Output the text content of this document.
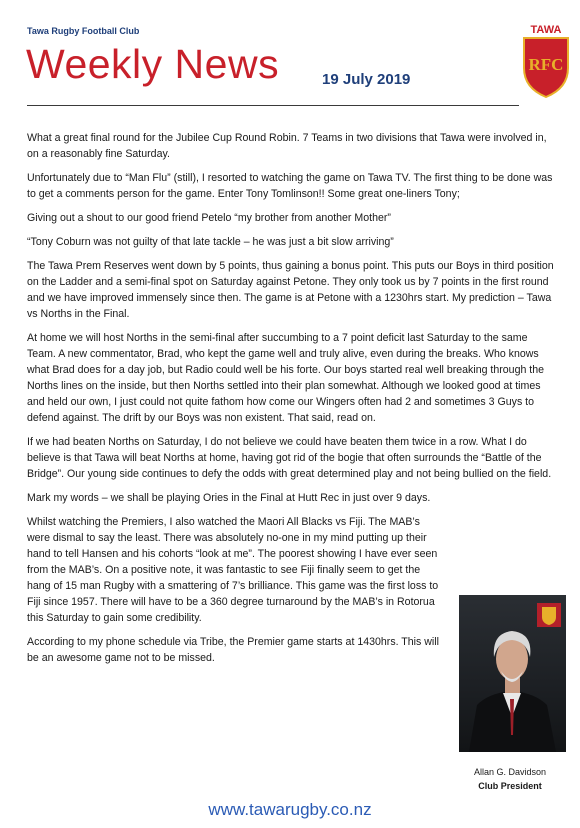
Tawa Rugby Football Club
Weekly News	19 July 2019
TAWA
RFC

What a great final round for the Jubilee Cup Round Robin. 7 Teams in two divisions that Tawa were involved in, on a reasonably fine Saturday.

Unfortunately due to “Man Flu” (still), I resorted to watching the game on Tawa TV. The first thing to be done was to get a comments person for the game. Enter Tony Tomlinson!! Some great one-liners Tony;

Giving out a shout to our good friend Petelo “my brother from another Mother”

“Tony Coburn was not guilty of that late tackle – he was just a bit slow arriving”

The Tawa Prem Reserves went down by 5 points, thus gaining a bonus point. This puts our Boys in third position on the Ladder and a semi-final spot on Saturday against Petone. They only took us by 7 points in the first round and we have improved immensely since then. The game is at Petone with a 1230hrs start. My prediction – Tawa vs Norths in the Final.

At home we will host Norths in the semi-final after succumbing to a 7 point deficit last Saturday to the same Team. A new commentator, Brad, who kept the game well and truly alive, even during the breaks. Who knows what Brad does for a day job, but Radio could well be his forte. Our boys started real well breaking through the Norths lines on the inside, but then Norths settled into their plan somewhat. Although we looked good at times and held our own, I just could not quite fathom how come our Wingers often had 2 and sometimes 3 Guys to defend against. The drift by our Boys was non existent. That said, read on.

If we had beaten Norths on Saturday, I do not believe we could have beaten them twice in a row. What I do believe is that Tawa will beat Norths at home, having got rid of the bogie that often surrounds the “Battle of the Bridge”. Our young side continues to defy the odds with great determined play and not being bullied on the field.

Mark my words – we shall be playing Ories in the Final at Hutt Rec in just over 9 days.

Whilst watching the Premiers, I also watched the Maori All Blacks vs Fiji. The MAB’s were dismal to say the least. There was absolutely no-one in my mind putting up their hand to tell Hansen and his cohorts “look at me”. The poorest showing I have ever seen from the MAB’s. On a positive note, it was fantastic to see Fiji finally seem to get the hang of 15 man Rugby with a smattering of 7’s brilliance. This game was the first loss to Fiji since 1957. There will have to be a 360 degree turnaround by the MAB’s in Rotorua this Saturday to gain some credibility.

According to my phone schedule via Tribe, the Premier game starts at 1430hrs. This will be an awesome game not to be missed.

Allan G. Davidson
Club President
www.tawarugby.co.nz
